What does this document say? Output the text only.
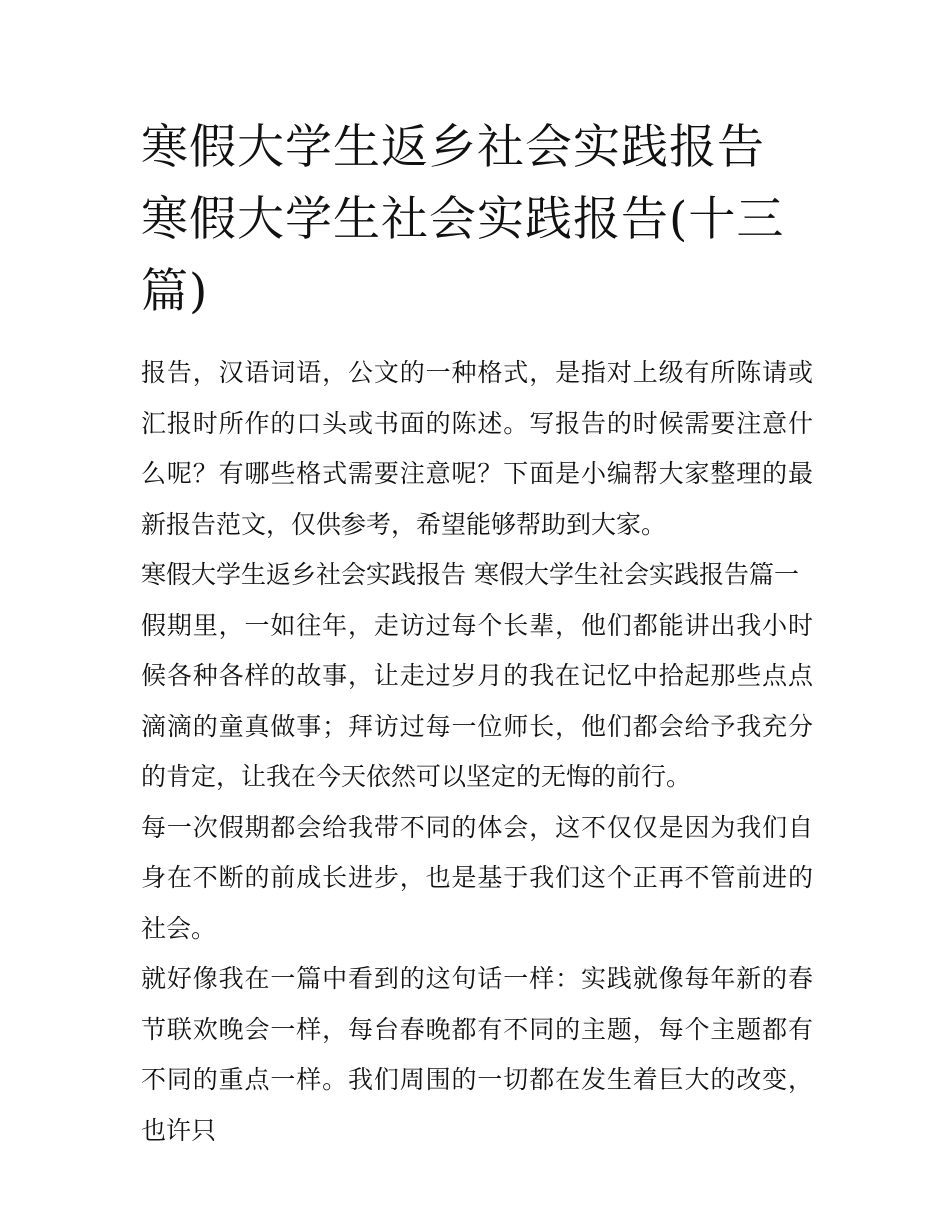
寒假大学生返乡社会实践报告 寒假大学生社会实践报告(十三篇)

报告，汉语词语，公文的一种格式，是指对上级有所陈请或汇报时所作的口头或书面的陈述。写报告的时候需要注意什么呢？有哪些格式需要注意呢？下面是小编帮大家整理的最新报告范文，仅供参考，希望能够帮助到大家。

寒假大学生返乡社会实践报告 寒假大学生社会实践报告篇一

假期里，一如往年，走访过每个长辈，他们都能讲出我小时候各种各样的故事，让走过岁月的我在记忆中拾起那些点点滴滴的童真做事；拜访过每一位师长，他们都会给予我充分的肯定，让我在今天依然可以坚定的无悔的前行。

每一次假期都会给我带不同的体会，这不仅仅是因为我们自身在不断的前成长进步，也是基于我们这个正再不管前进的社会。

就好像我在一篇中看到的这句话一样：实践就像每年新的春节联欢晚会一样，每台春晚都有不同的主题，每个主题都有不同的重点一样。我们周围的一切都在发生着巨大的改变，也许只
